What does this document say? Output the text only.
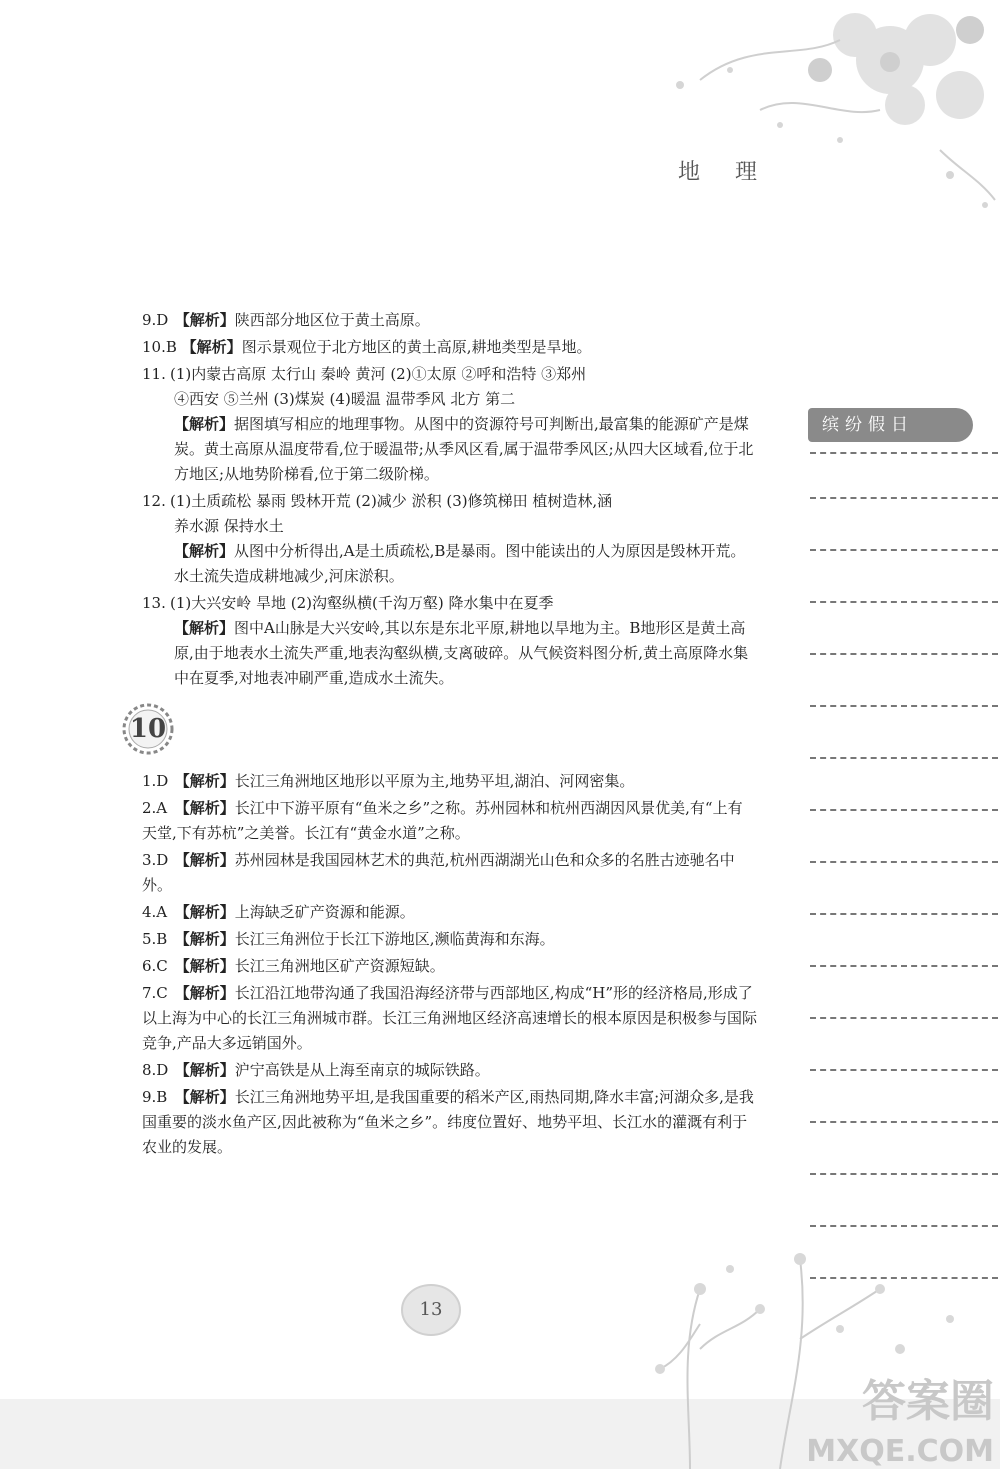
地 理
缤纷假日
9.D 【解析】陕西部分地区位于黄土高原。
10.B 【解析】图示景观位于北方地区的黄土高原,耕地类型是旱地。
11. (1)内蒙古高原 太行山 秦岭 黄河 (2)①太原 ②呼和浩特 ③郑州
④西安 ⑤兰州 (3)煤炭 (4)暖温 温带季风 北方 第二
【解析】据图填写相应的地理事物。从图中的资源符号可判断出,最富集的能源矿产是煤炭。黄土高原从温度带看,位于暖温带;从季风区看,属于温带季风区;从四大区域看,位于北方地区;从地势阶梯看,位于第二级阶梯。
12. (1)土质疏松 暴雨 毁林开荒 (2)减少 淤积 (3)修筑梯田 植树造林,涵
养水源 保持水土
【解析】从图中分析得出,A是土质疏松,B是暴雨。图中能读出的人为原因是毁林开荒。水土流失造成耕地减少,河床淤积。
13. (1)大兴安岭 旱地 (2)沟壑纵横(千沟万壑) 降水集中在夏季
【解析】图中A山脉是大兴安岭,其以东是东北平原,耕地以旱地为主。B地形区是黄土高原,由于地表水土流失严重,地表沟壑纵横,支离破碎。从气候资料图分析,黄土高原降水集中在夏季,对地表冲刷严重,造成水土流失。
10
1.D 【解析】长江三角洲地区地形以平原为主,地势平坦,湖泊、河网密集。
2.A 【解析】长江中下游平原有“鱼米之乡”之称。苏州园林和杭州西湖因风景优美,有“上有天堂,下有苏杭”之美誉。长江有“黄金水道”之称。
3.D 【解析】苏州园林是我国园林艺术的典范,杭州西湖湖光山色和众多的名胜古迹驰名中外。
4.A 【解析】上海缺乏矿产资源和能源。
5.B 【解析】长江三角洲位于长江下游地区,濒临黄海和东海。
6.C 【解析】长江三角洲地区矿产资源短缺。
7.C 【解析】长江沿江地带沟通了我国沿海经济带与西部地区,构成“H”形的经济格局,形成了以上海为中心的长江三角洲城市群。长江三角洲地区经济高速增长的根本原因是积极参与国际竞争,产品大多远销国外。
8.D 【解析】沪宁高铁是从上海至南京的城际铁路。
9.B 【解析】长江三角洲地势平坦,是我国重要的稻米产区,雨热同期,降水丰富;河湖众多,是我国重要的淡水鱼产区,因此被称为“鱼米之乡”。纬度位置好、地势平坦、长江水的灌溉有利于农业的发展。
13
答案圈
MXQE.COM
